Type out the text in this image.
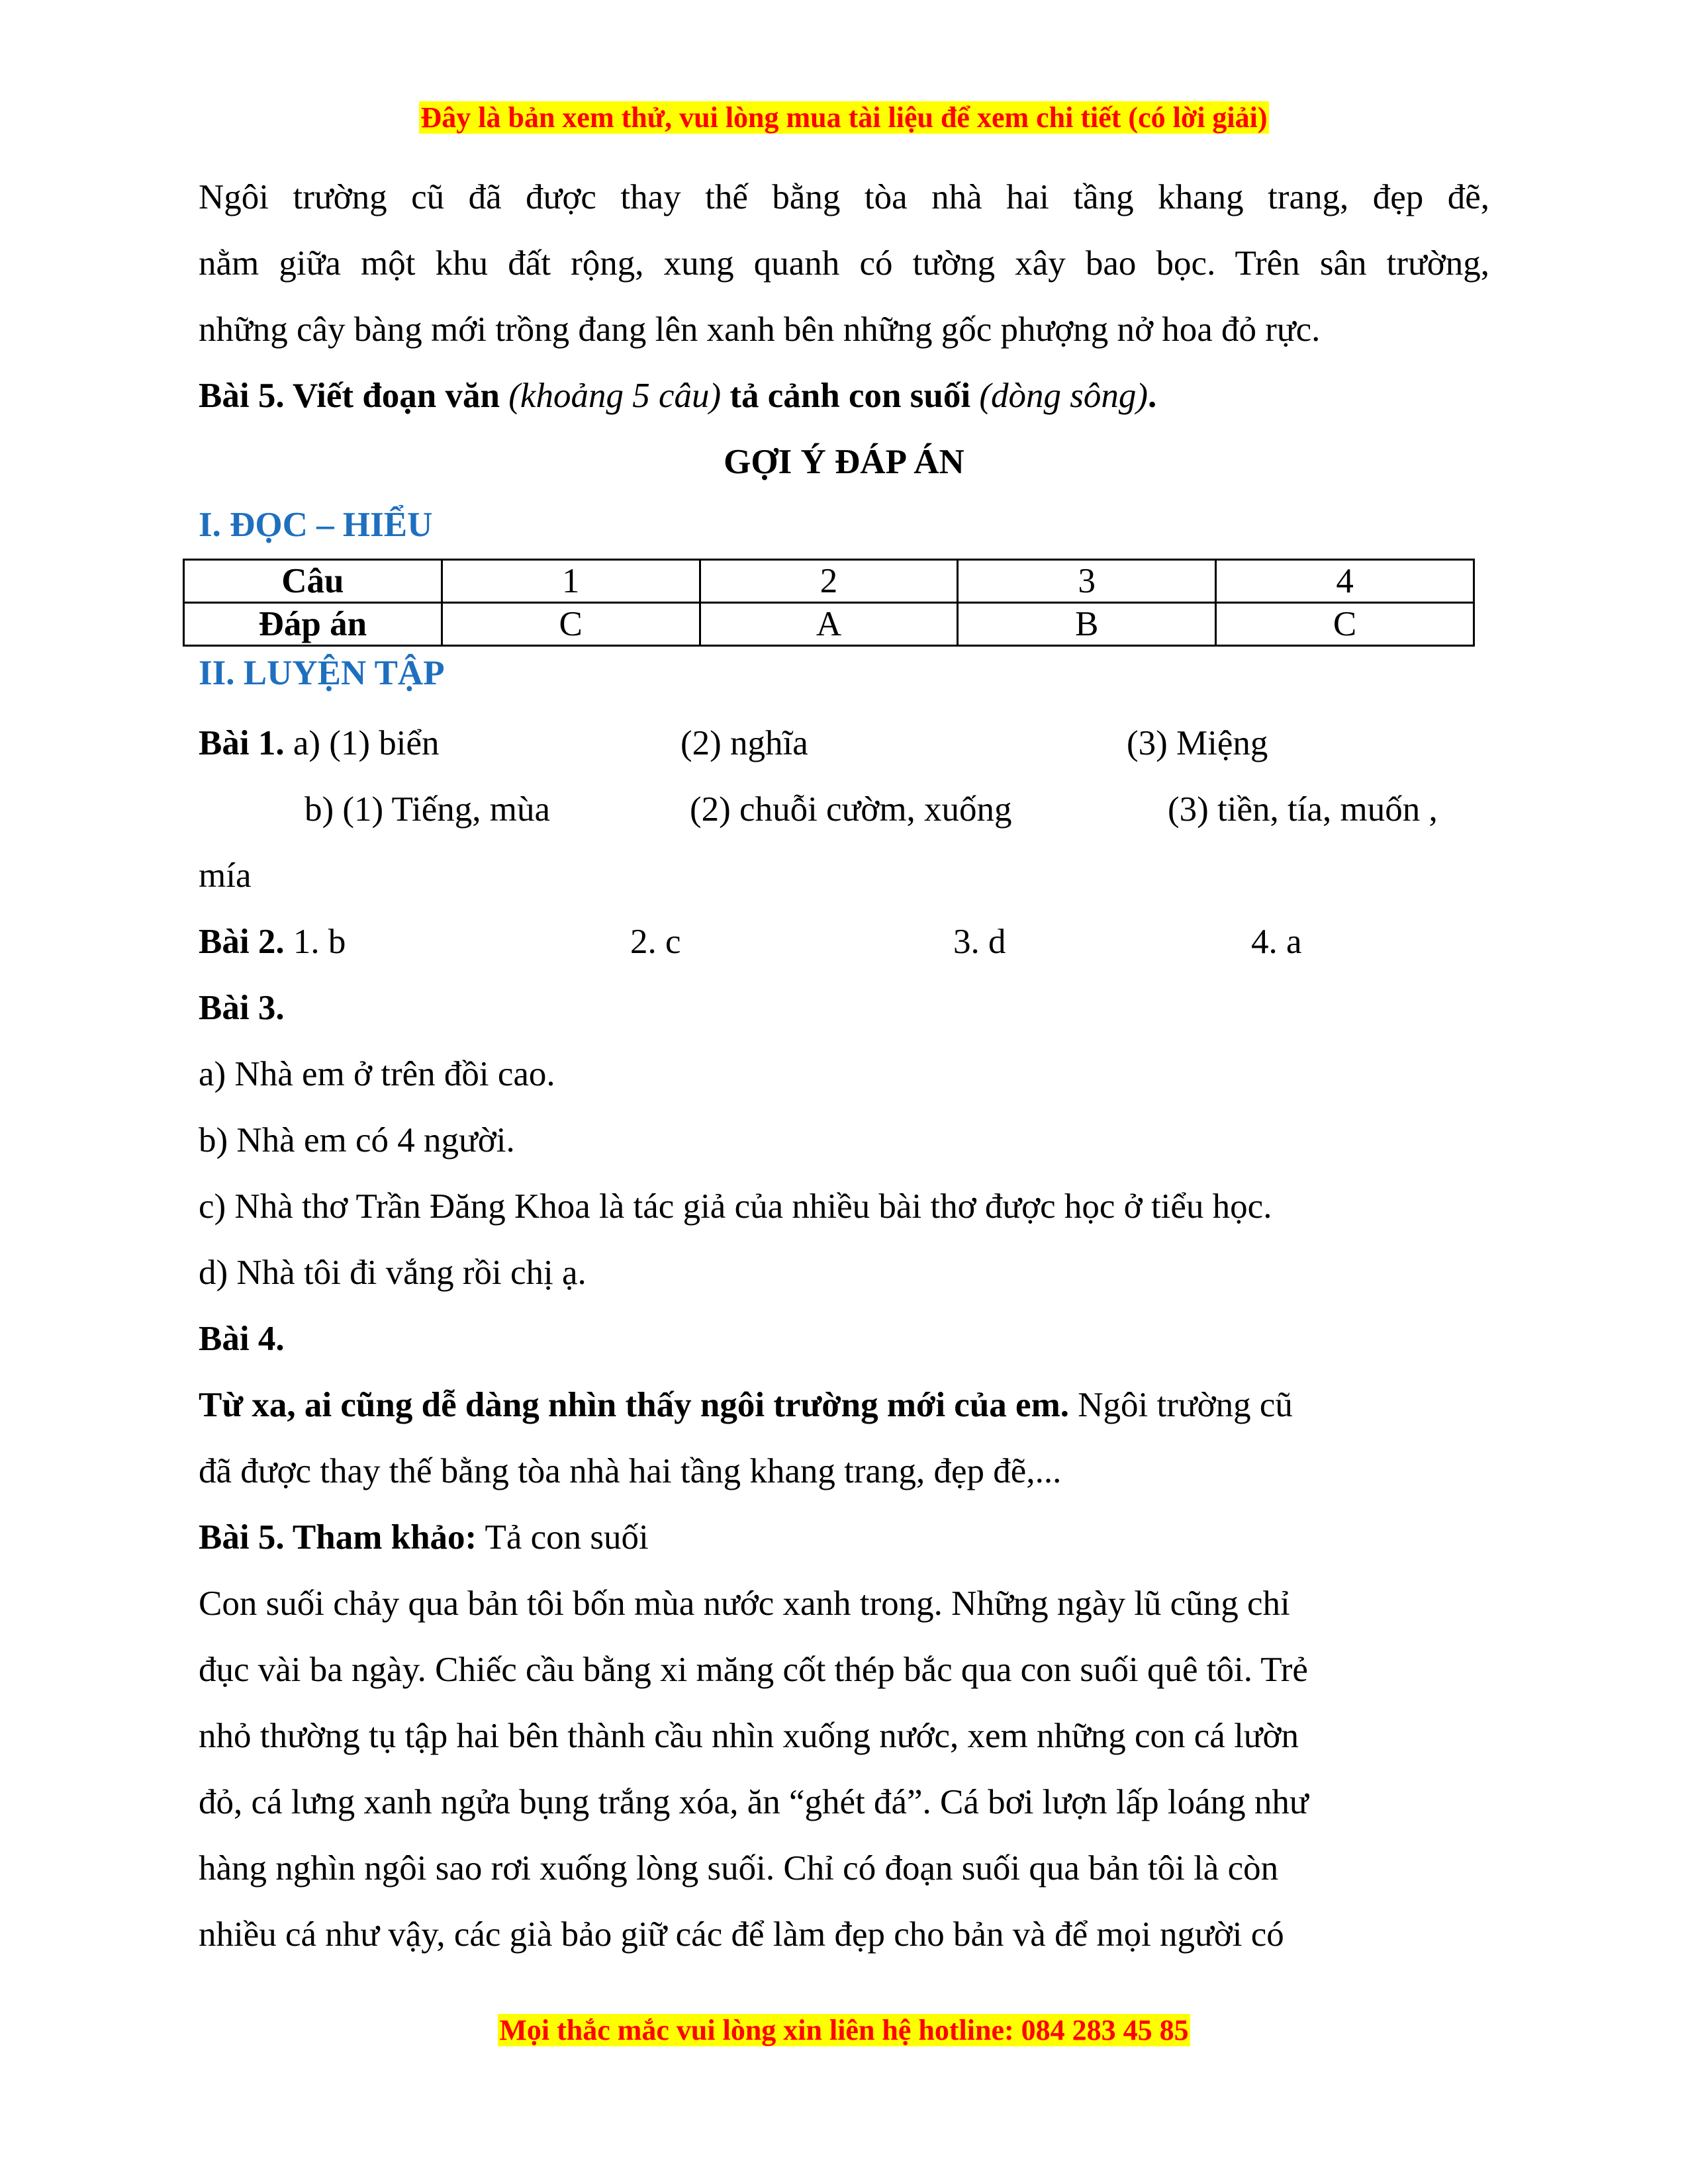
Đây là bản xem thử, vui lòng mua tài liệu để xem chi tiết (có lời giải)

Ngôi trường cũ đã được thay thế bằng tòa nhà hai tầng khang trang, đẹp đẽ,

nằm giữa một khu đất rộng, xung quanh có tường xây bao bọc. Trên sân trường,

những cây bàng mới trồng đang lên xanh bên những gốc phượng nở hoa đỏ rực.

Bài 5. Viết đoạn văn (khoảng 5 câu) tả cảnh con suối (dòng sông).

GỢI Ý ĐÁP ÁN

I. ĐỌC – HIỂU

Câu	1	2	3	4
Đáp án	C	A	B	C

II. LUYỆN TẬP

Bài 1. a) (1) biển	(2) nghĩa	(3) Miệng
b) (1) Tiếng, mùa	(2) chuỗi cườm, xuống	(3) tiền, tía, muốn ,

mía

Bài 2. 1. b	2. c	3. d	4. a

Bài 3.

a) Nhà em ở trên đồi cao.

b) Nhà em có 4 người.

c) Nhà thơ Trần Đăng Khoa là tác giả của nhiều bài thơ được học ở tiểu học.

d) Nhà tôi đi vắng rồi chị ạ.

Bài 4.

Từ xa, ai cũng dễ dàng nhìn thấy ngôi trường mới của em. Ngôi trường cũ

đã được thay thế bằng tòa nhà hai tầng khang trang, đẹp đẽ,...

Bài 5. Tham khảo: Tả con suối

Con suối chảy qua bản tôi bốn mùa nước xanh trong. Những ngày lũ cũng chỉ

đục vài ba ngày. Chiếc cầu bằng xi măng cốt thép bắc qua con suối quê tôi. Trẻ

nhỏ thường tụ tập hai bên thành cầu nhìn xuống nước, xem những con cá lườn

đỏ, cá lưng xanh ngửa bụng trắng xóa, ăn “ghét đá”. Cá bơi lượn lấp loáng như

hàng nghìn ngôi sao rơi xuống lòng suối. Chỉ có đoạn suối qua bản tôi là còn

nhiều cá như vậy, các già bảo giữ các để làm đẹp cho bản và để mọi người có

Mọi thắc mắc vui lòng xin liên hệ hotline: 084 283 45 85
